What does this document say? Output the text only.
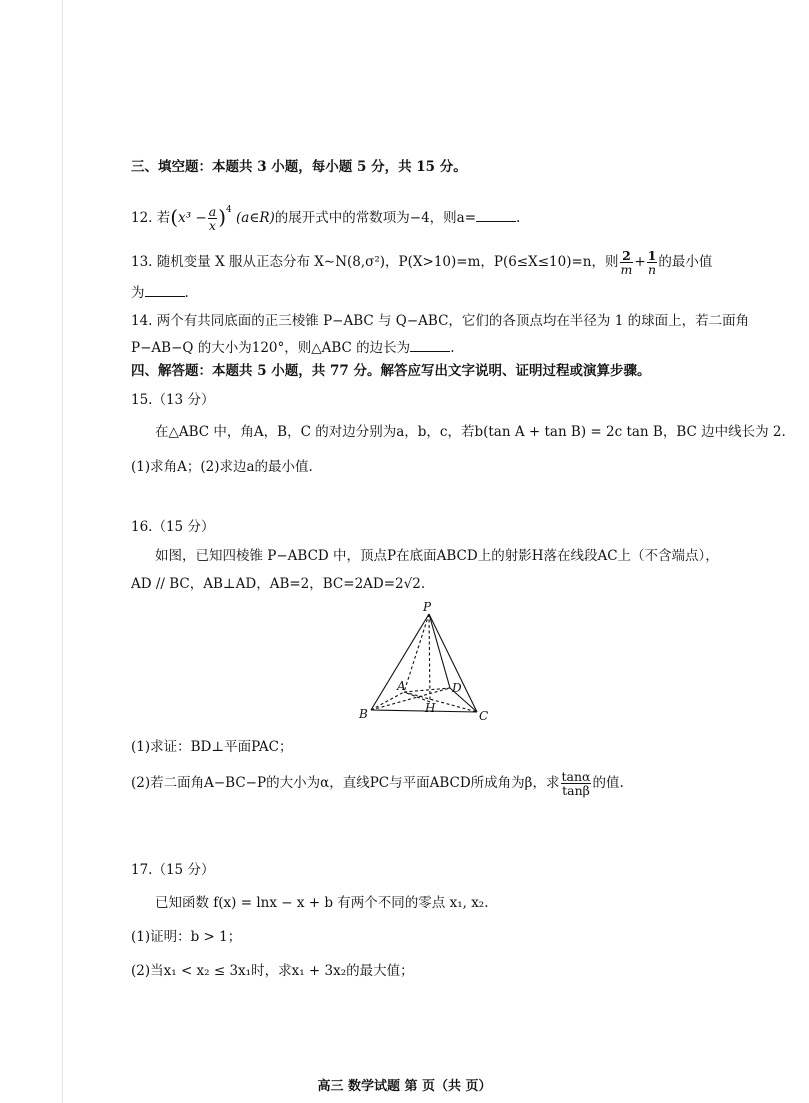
三、填空题：本题共 3 小题，每小题 5 分，共 15 分。
12. 若$(x^3 - \frac{a}{x} )^4$ (a∈R)的展开式中的常数项为−4，则a=	.
13. 随机变量 X 服从正态分布 X∼N(8,σ²)，P(X>10)=m，P(6≤X≤10)=n，则 $\frac{2}{m} + \frac{1}{n}$ 的最小值
为	.
14. 两个有共同底面的正三棱锥 P−ABC 与 Q−ABC，它们的各顶点均在半径为 1 的球面上，若二面角
P−AB−Q 的大小为120°，则△ABC 的边长为	.
四、解答题：本题共 5 小题，共 77 分。解答应写出文字说明、证明过程或演算步骤。
15.（13 分）
在△ABC 中，角A，B，C 的对边分别为a，b，c，若b(tan A + tan B) = 2c tan B，BC 边中线长为 2.
(1)求角A；(2)求边a的最小值.
16.（15 分）
如图，已知四棱锥 P−ABCD 中，顶点P在底面ABCD上的射影H落在线段AC上（不含端点），
AD // BC，AB⊥AD，AB=2，BC=2AD=2√2.
P
A	D
H
B	C
(1)求证：BD⊥平面PAC；
(2)若二面角A−BC−P的大小为α，直线PC与平面ABCD所成角为β，求 $\frac{\tan\alpha}{\tan\beta}$ 的值.
17.（15 分）
已知函数 f(x) = lnx − x + b 有两个不同的零点 x₁, x₂.
(1)证明：b > 1；
(2)当x₁ < x₂ ≤ 3x₁时，求x₁ + 3x₂的最大值；
高三 数学试题 第 页（共 页）
